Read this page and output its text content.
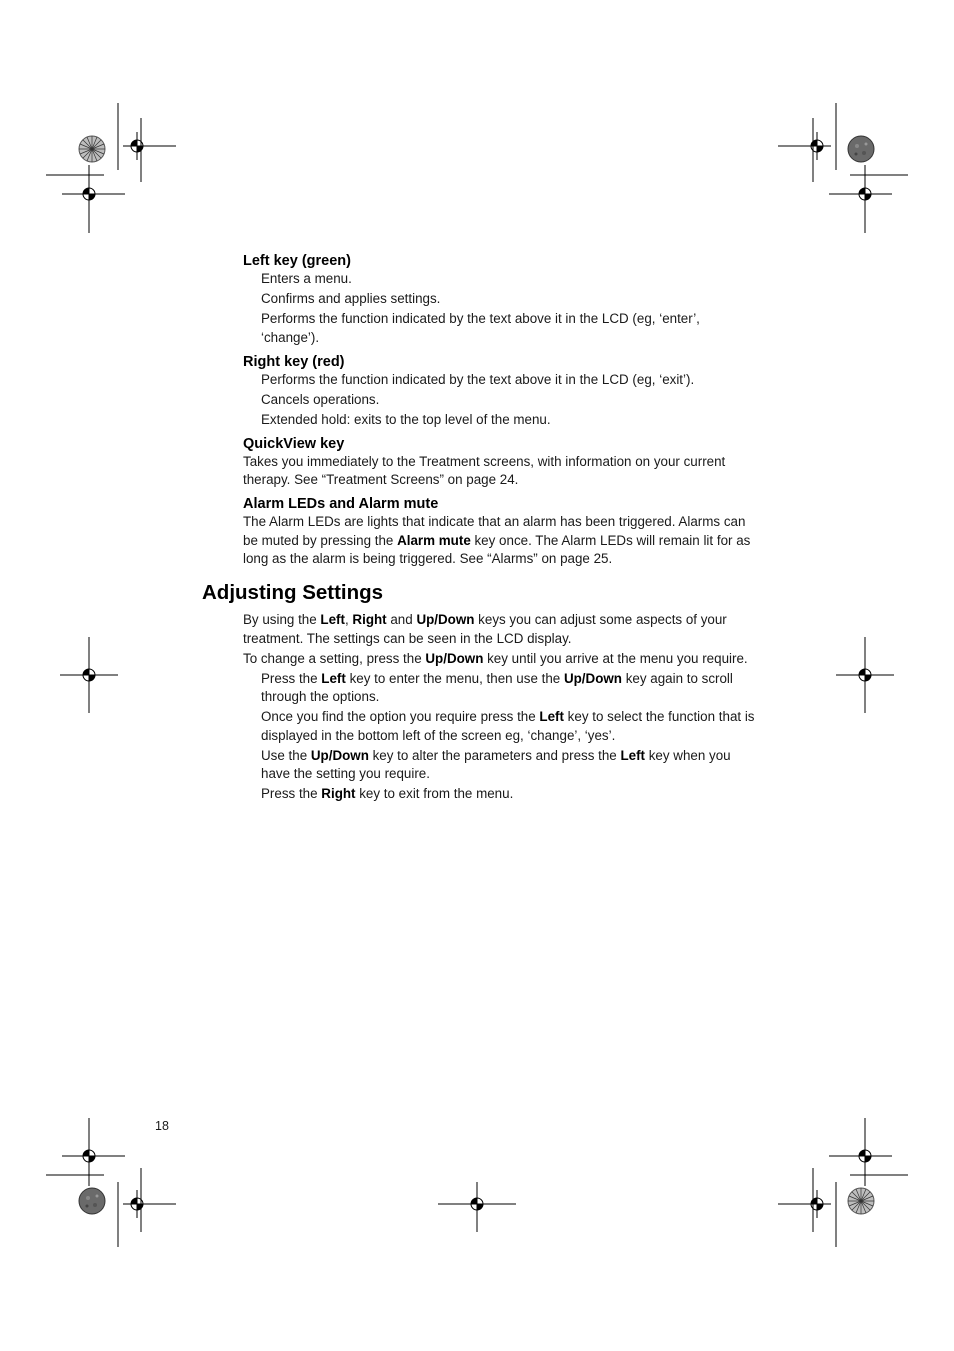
Left key (green)
Enters a menu.
Confirms and applies settings.
Performs the function indicated by the text above it in the LCD (eg, ‘enter’, ‘change’).
Right key (red)
Performs the function indicated by the text above it in the LCD (eg, ‘exit’).
Cancels operations.
Extended hold: exits to the top level of the menu.
QuickView key
Takes you immediately to the Treatment screens, with information on your current therapy. See “Treatment Screens” on page 24.
Alarm LEDs and Alarm mute
The Alarm LEDs are lights that indicate that an alarm has been triggered. Alarms can be muted by pressing the Alarm mute key once. The Alarm LEDs will remain lit for as long as the alarm is being triggered. See “Alarms” on page 25.
Adjusting Settings
By using the Left, Right and Up/Down keys you can adjust some aspects of your treatment. The settings can be seen in the LCD display.
To change a setting, press the Up/Down key until you arrive at the menu you require.
Press the Left key to enter the menu, then use the Up/Down key again to scroll through the options.
Once you find the option you require press the Left key to select the function that is displayed in the bottom left of the screen eg, ‘change’, ‘yes’.
Use the Up/Down key to alter the parameters and press the Left key when you have the setting you require.
Press the Right key to exit from the menu.
18
